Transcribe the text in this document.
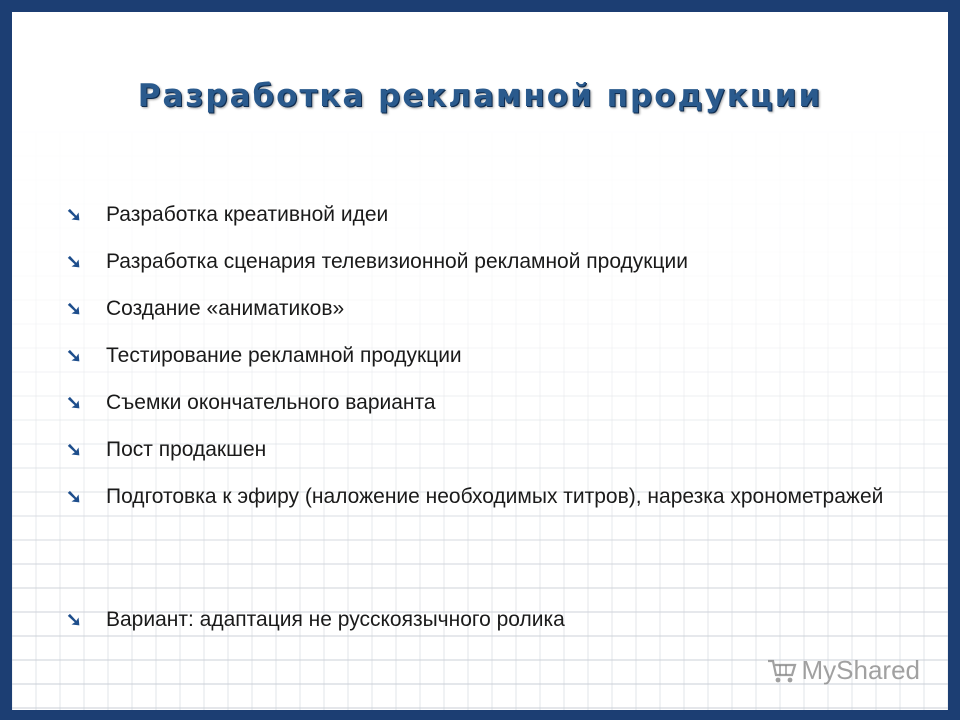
Разработка рекламной продукции
➘ Разработка креативной идеи
➘ Разработка сценария телевизионной рекламной продукции
➘ Создание «аниматиков»
➘ Тестирование рекламной продукции
➘ Съемки окончательного варианта
➘ Пост продакшен
➘ Подготовка к эфиру (наложение необходимых титров), нарезка хронометражей
➘ Вариант: адаптация не русскоязычного ролика
MyShared
